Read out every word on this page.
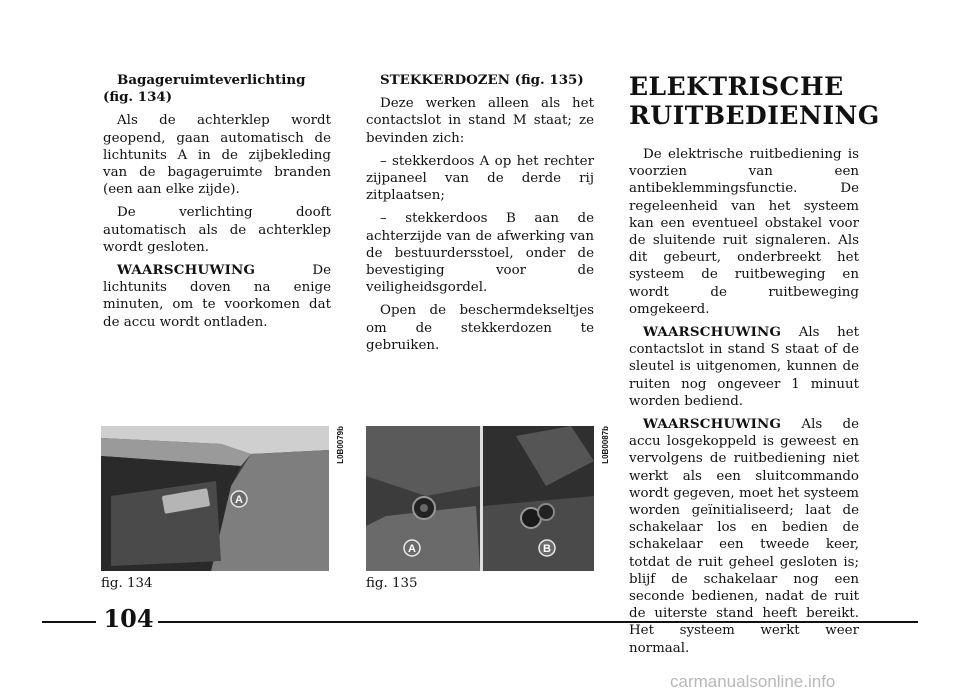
Bagageruimteverlichting
(fig. 134)

Als de achterklep wordt geopend, gaan automatisch de lichtunits A in de zijbekleding van de bagageruimte branden (een aan elke zijde).

De verlichting dooft automatisch als de achterklep wordt gesloten.

WAARSCHUWING	De lichtunits doven na enige minuten, om te voorkomen dat de accu wordt ontladen.

STEKKERDOZEN (fig. 135)

Deze werken alleen als het contactslot in stand M staat; ze bevinden zich:

– stekkerdoos A op het rechter zijpaneel van de derde rij zitplaatsen;

– stekkerdoos B aan de achterzijde van de afwerking van de bestuurdersstoel, onder de bevestiging voor de veiligheidsgordel.

Open de beschermdekseltjes om de stekkerdozen te gebruiken.

ELEKTRISCHE
RUITBEDIENING

De elektrische ruitbediening is voorzien van een antibeklemmingsfunctie. De regeleenheid van het systeem kan een eventueel obstakel voor de sluitende ruit signaleren. Als dit gebeurt, onderbreekt het systeem de ruitbeweging en wordt de ruitbeweging omgekeerd.

WAARSCHUWING Als het contactslot in stand S staat of de sleutel is uitgenomen, kunnen de ruiten nog ongeveer 1 minuut worden bediend.

WAARSCHUWING Als de accu losgekoppeld is geweest en vervolgens de ruitbediening niet werkt als een sluitcommando wordt gegeven, moet het systeem worden geïnitialiseerd; laat de schakelaar los en bedien de schakelaar een tweede keer, totdat de ruit geheel gesloten is; blijf de schakelaar nog een seconde bedienen, nadat de ruit de uiterste stand heeft bereikt. Het systeem werkt weer normaal.

A
L0B0079b
fig. 134
A	B
L0B0087b
fig. 135
104
carmanualsonline.info
